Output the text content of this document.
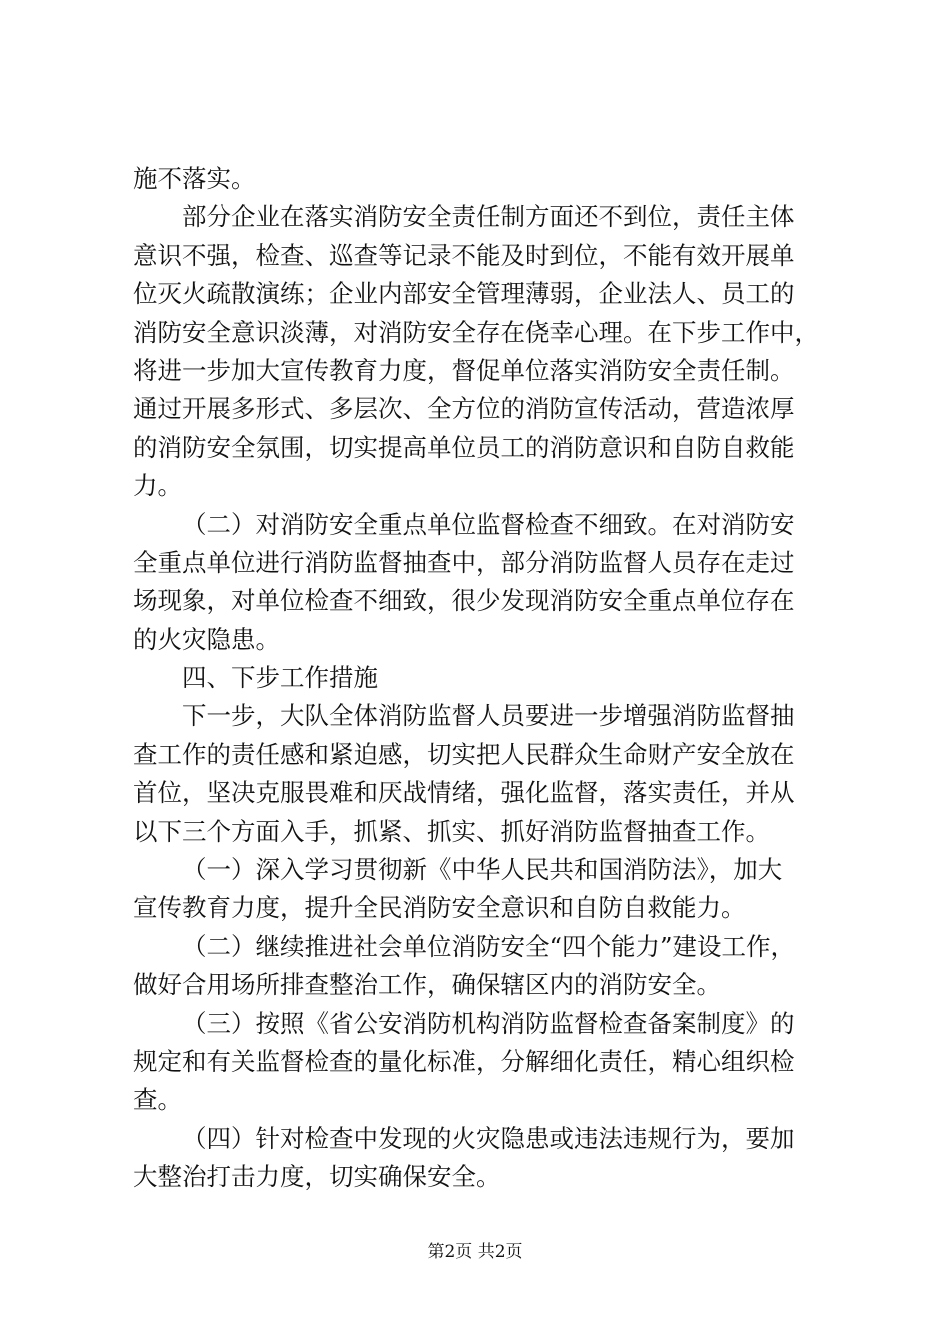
施不落实。
部分企业在落实消防安全责任制方面还不到位，责任主体
意识不强，检查、巡查等记录不能及时到位，不能有效开展单
位灭火疏散演练；企业内部安全管理薄弱，企业法人、员工的
消防安全意识淡薄，对消防安全存在侥幸心理。在下步工作中，
将进一步加大宣传教育力度，督促单位落实消防安全责任制。
通过开展多形式、多层次、全方位的消防宣传活动，营造浓厚
的消防安全氛围，切实提高单位员工的消防意识和自防自救能
力。
（二）对消防安全重点单位监督检查不细致。在对消防安
全重点单位进行消防监督抽查中，部分消防监督人员存在走过
场现象，对单位检查不细致，很少发现消防安全重点单位存在
的火灾隐患。
四、下步工作措施
下一步，大队全体消防监督人员要进一步增强消防监督抽
查工作的责任感和紧迫感，切实把人民群众生命财产安全放在
首位，坚决克服畏难和厌战情绪，强化监督，落实责任，并从
以下三个方面入手，抓紧、抓实、抓好消防监督抽查工作。
（一）深入学习贯彻新《中华人民共和国消防法》，加大
宣传教育力度，提升全民消防安全意识和自防自救能力。
（二）继续推进社会单位消防安全“四个能力”建设工作，
做好合用场所排查整治工作，确保辖区内的消防安全。
（三）按照《省公安消防机构消防监督检查备案制度》的
规定和有关监督检查的量化标准，分解细化责任，精心组织检
查。
（四）针对检查中发现的火灾隐患或违法违规行为，要加
大整治打击力度，切实确保安全。
第2页 共2页
